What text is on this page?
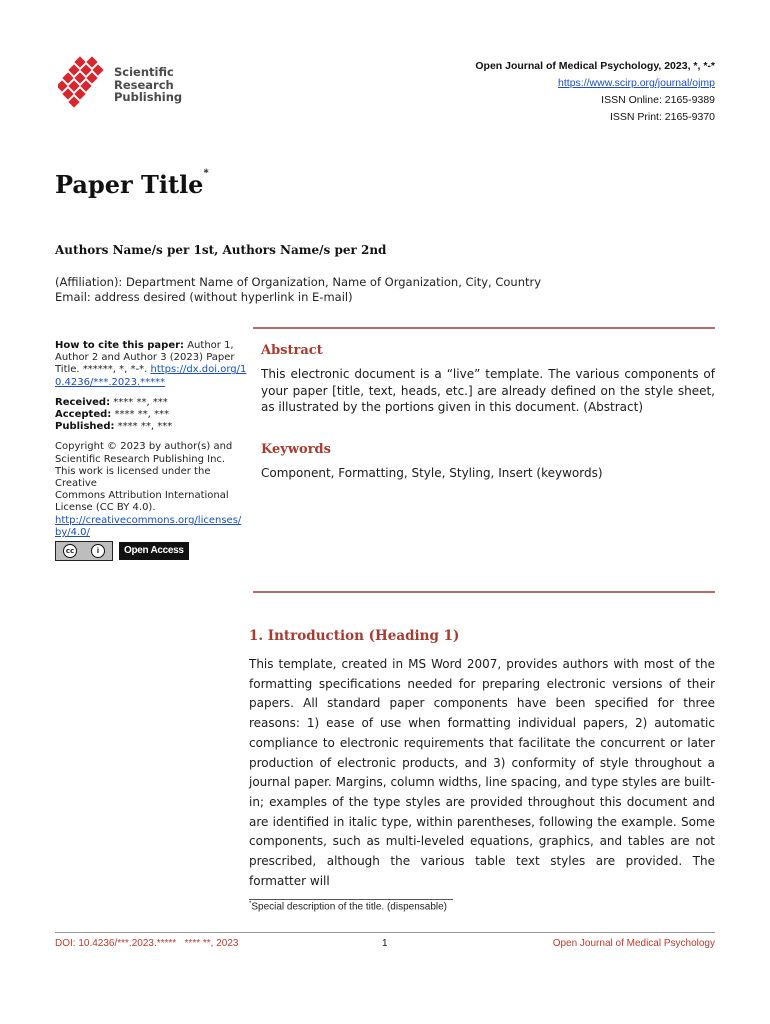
Scientific
Research
Publishing
Open Journal of Medical Psychology, 2023, *, *-*
https://www.scirp.org/journal/ojmp
ISSN Online: 2165-9389
ISSN Print: 2165-9370
Paper Title*
Authors Name/s per 1st, Authors Name/s per 2nd
(Affiliation): Department Name of Organization, Name of Organization, City, Country
Email: address desired (without hyperlink in E-mail)

How to cite this paper: Author 1, Author 2 and Author 3 (2023) Paper Title. ******, *, *-*. https://dx.doi.org/10.4236/***.2023.*****

Received: **** **, ***
Accepted: **** **, ***
Published: **** **, ***

Copyright © 2023 by author(s) and Scientific Research Publishing Inc.
This work is licensed under the Creative
Commons Attribution International License (CC BY 4.0).
http://creativecommons.org/licenses/by/4.0/
cc	i	Open Access
Abstract
This electronic document is a “live” template. The various components of your paper [title, text, heads, etc.] are already defined on the style sheet, as illustrated by the portions given in this document. (Abstract)
Keywords
Component, Formatting, Style, Styling, Insert (keywords)
1. Introduction (Heading 1)
This template, created in MS Word 2007, provides authors with most of the formatting specifications needed for preparing electronic versions of their papers. All standard paper components have been specified for three reasons: 1) ease of use when formatting individual papers, 2) automatic compliance to electronic requirements that facilitate the concurrent or later production of electronic products, and 3) conformity of style throughout a journal paper. Margins, column widths, line spacing, and type styles are built-in; examples of the type styles are provided throughout this document and are identified in italic type, within parentheses, following the example. Some components, such as multi-leveled equations, graphics, and tables are not prescribed, although the various table text styles are provided. The formatter will
*Special description of the title. (dispensable)
DOI: 10.4236/***.2023.*****   **** **, 2023	1	Open Journal of Medical Psychology
